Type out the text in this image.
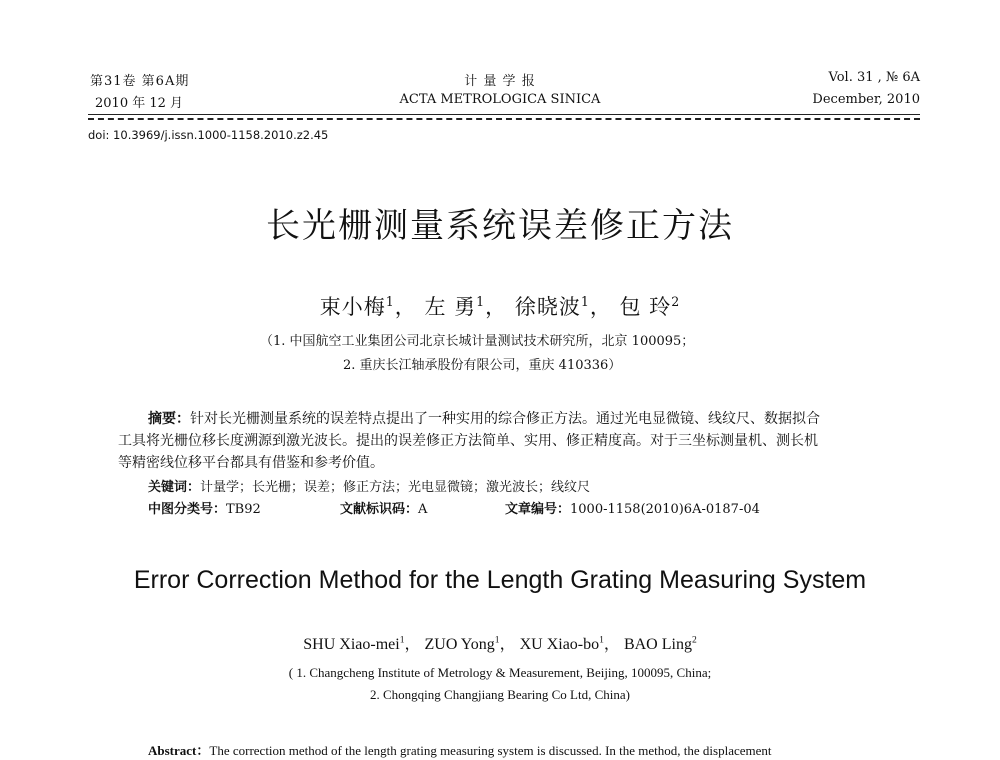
第31卷 第6A期
2010 年 12 月
计 量 学 报
ACTA METROLOGICA SINICA
Vol. 31 , № 6A
December, 2010
doi: 10.3969/j.issn.1000-1158.2010.z2.45
长光栅测量系统误差修正方法
束小梅$^1$， 左 勇$^1$， 徐晓波$^1$， 包 玲$^2$
（1. 中国航空工业集团公司北京长城计量测试技术研究所，北京 100095；
2. 重庆长江轴承股份有限公司，重庆 410336）
摘要：针对长光栅测量系统的误差特点提出了一种实用的综合修正方法。通过光电显微镜、线纹尺、数据拟合
工具将光栅位移长度溯源到激光波长。提出的误差修正方法简单、实用、修正精度高。对于三坐标测量机、测长机
等精密线位移平台都具有借鉴和参考价值。
关键词：计量学；长光栅；误差；修正方法；光电显微镜；激光波长；线纹尺
中图分类号：TB92	文献标识码：A	文章编号：1000-1158(2010)6A-0187-04
Error Correction Method for the Length Grating Measuring System
SHU Xiao-mei$^1$， ZUO Yong$^1$， XU Xiao-$bo^1$， BAO Ling$^2$
( 1. Changcheng Institute of Metrology & Measurement, Beijing, 100095, China;
2. Chongqing Changjiang Bearing Co Ltd, China)
Abstract：The correction method of the length grating measuring system is discussed. In the method, the displacement
